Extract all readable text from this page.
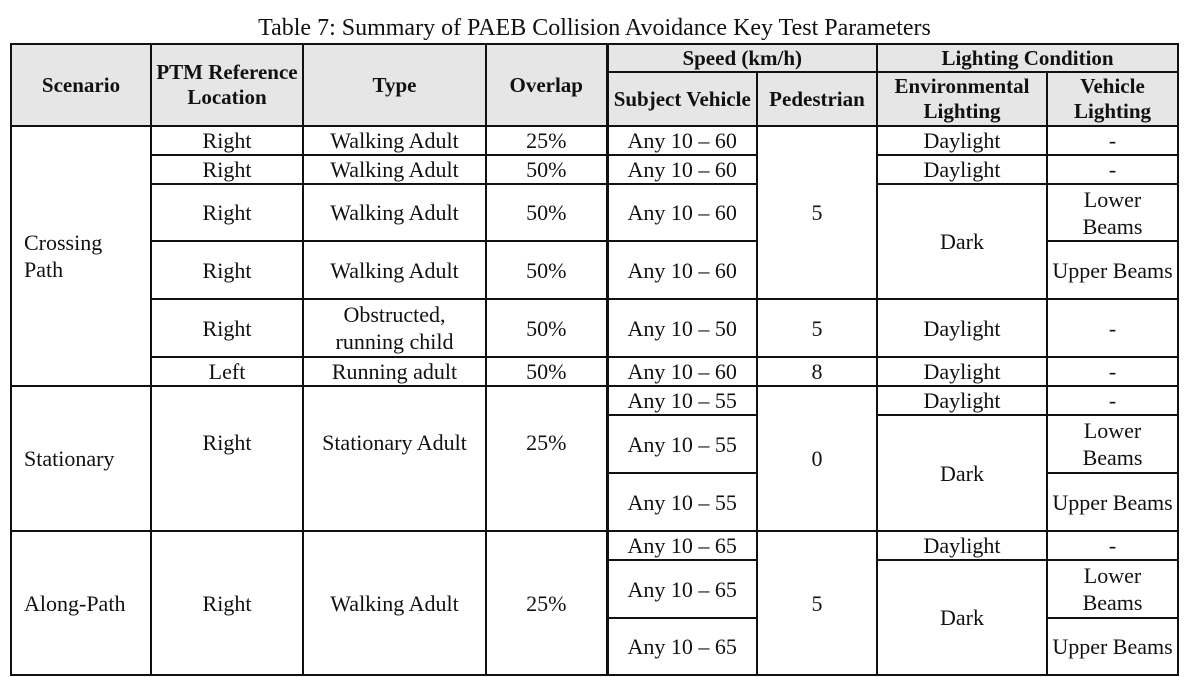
Table 7: Summary of PAEB Collision Avoidance Key Test Parameters
Scenario	PTM Reference Location	Type	Overlap	Speed (km/h)		Lighting Condition	
				Subject Vehicle	Pedestrian	Environmental Lighting	Vehicle Lighting
Crossing Path	Right	Walking Adult	25%	Any 10 – 60	5	Daylight	-
	Right	Walking Adult	50%	Any 10 – 60		Daylight	-
	Right	Walking Adult	50%	Any 10 – 60		Dark	Lower Beams
	Right	Walking Adult	50%	Any 10 – 60			Upper Beams
	Right	Obstructed, running child	50%	Any 10 – 50	5	Daylight	-
	Left	Running adult	50%	Any 10 – 60	8	Daylight	-
Stationary	Right	Stationary Adult	25%	Any 10 – 55	0	Daylight	-
				Any 10 – 55		Dark	Lower Beams
				Any 10 – 55			Upper Beams
Along-Path	Right	Walking Adult	25%	Any 10 – 65	5	Daylight	-
				Any 10 – 65		Dark	Lower Beams
				Any 10 – 65			Upper Beams
